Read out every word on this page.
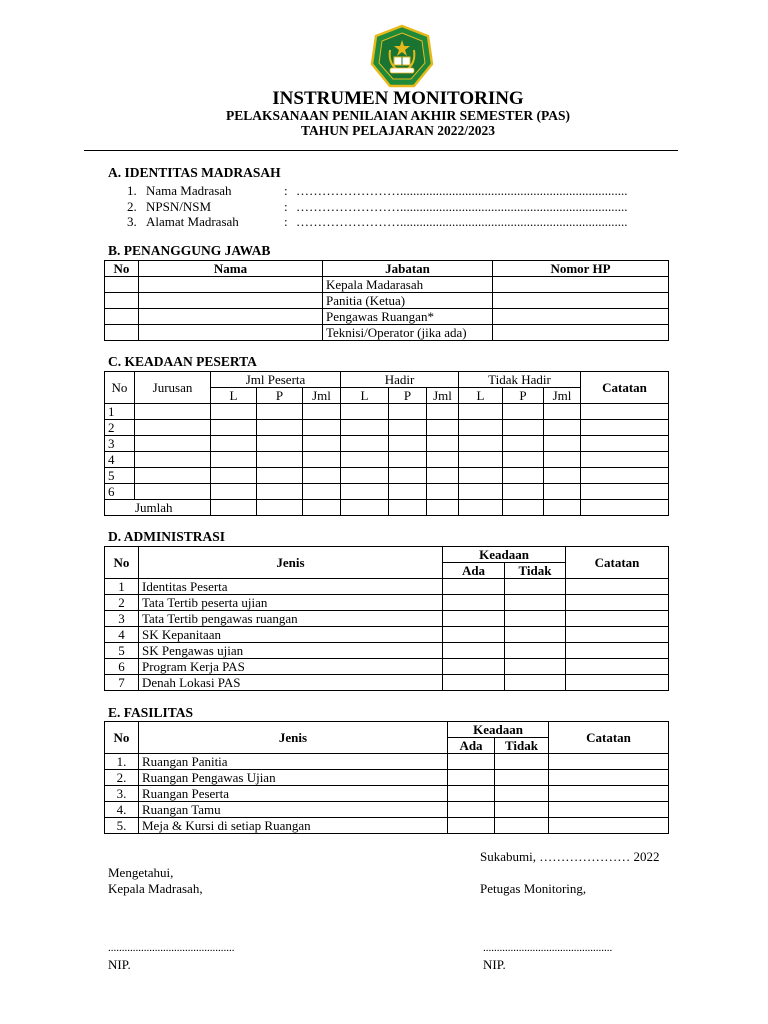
INSTRUMEN MONITORING
PELAKSANAAN PENILAIAN AKHIR SEMESTER (PAS)
TAHUN PELAJARAN 2022/2023
A. IDENTITAS MADRASAH
1. Nama Madrasah	: ……………………......................................................................
2. NPSN/NSM	: ……………………......................................................................
3. Alamat Madrasah	: ……………………......................................................................
B. PENANGGUNG JAWAB
No	Nama	Jabatan	Nomor HP
		Kepala Madarasah	
		Panitia (Ketua)	
		Pengawas Ruangan*	
		Teknisi/Operator (jika ada)	
C. KEADAAN PESERTA
No	Jurusan	Jml Peserta			Hadir			Tidak Hadir			Catatan
		L	P	Jml	L	P	Jml	L	P	Jml	
1											
2											
3											
4											
5											
6											
Jumlah											
D. ADMINISTRASI
No	Jenis	Keadaan		Catatan
		Ada	Tidak	
1	Identitas Peserta			
2	Tata Tertib peserta ujian			
3	Tata Tertib pengawas ruangan			
4	SK Kepanitaan			
5	SK Pengawas ujian			
6	Program Kerja PAS			
7	Denah Lokasi PAS			
E. FASILITAS
No	Jenis	Keadaan		Catatan
		Ada	Tidak	
1.	Ruangan Panitia			
2.	Ruangan Pengawas Ujian			
3.	Ruangan Peserta			
4.	Ruangan Tamu			
5.	Meja & Kursi di setiap Ruangan			
Sukabumi, ………………… 2022
Mengetahui,
Kepala Madrasah,	Petugas Monitoring,
..............................................	...............................................
NIP.	NIP.
